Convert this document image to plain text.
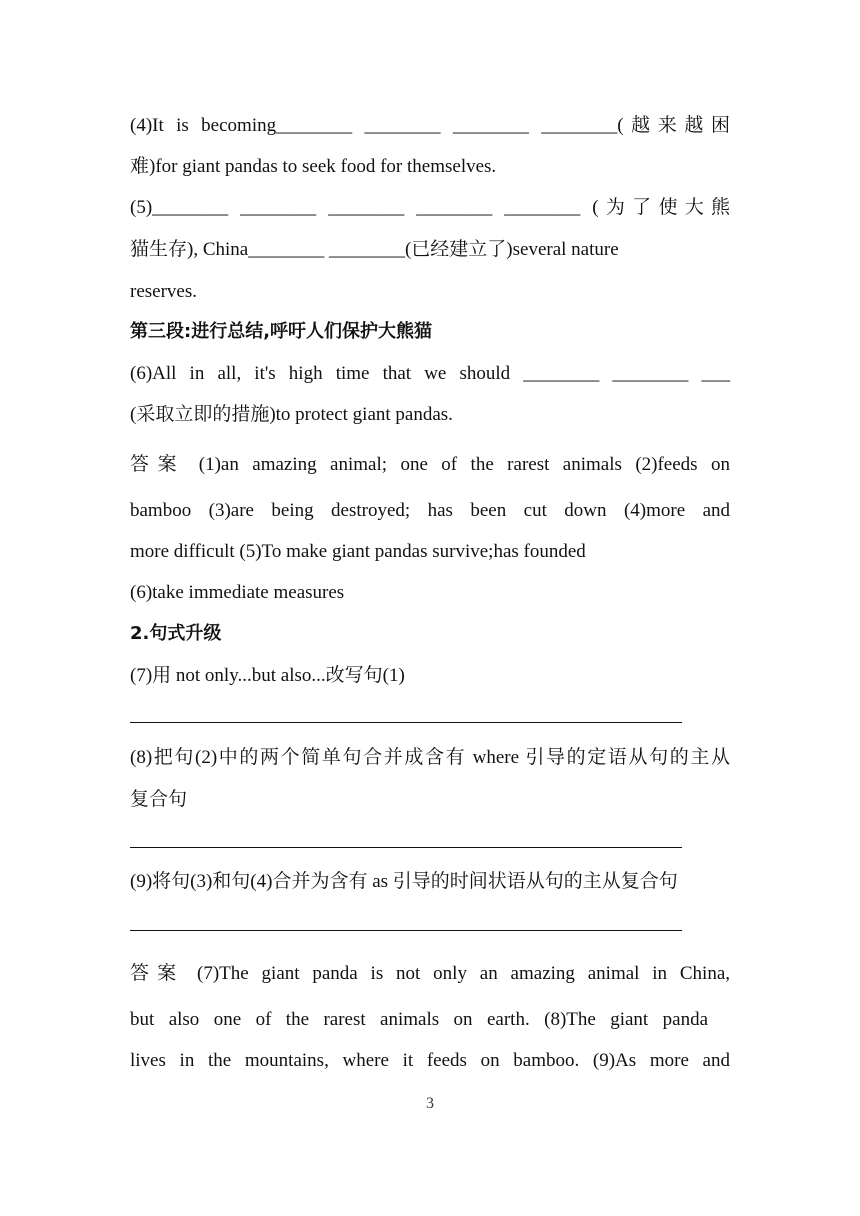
(4)It is becoming________ ________ ________ ________(越来越困
难)for giant pandas to seek food for themselves.
(5)________ ________ ________ ________ ________ (为了使大熊
猫生存), China________ ________(已经建立了)several nature
reserves.
第三段:进行总结,呼吁人们保护大熊猫
(6)All in all, it's high time that we should ________ ________ ___
(采取立即的措施)to protect giant pandas.
答案 (1)an amazing animal; one of the rarest animals (2)feeds on
bamboo (3)are being destroyed; has been cut down (4)more and
more difficult (5)To make giant pandas survive;has founded
(6)take immediate measures
2.句式升级
(7)用 not only...but also...改写句(1)
(8)把句(2)中的两个简单句合并成含有 where 引导的定语从句的主从
复合句
(9)将句(3)和句(4)合并为含有 as 引导的时间状语从句的主从复合句
答案 (7)The giant panda is not only an amazing animal in China,
but also one of the rarest animals on earth. (8)The giant panda
lives in the mountains, where it feeds on bamboo. (9)As more and
3
